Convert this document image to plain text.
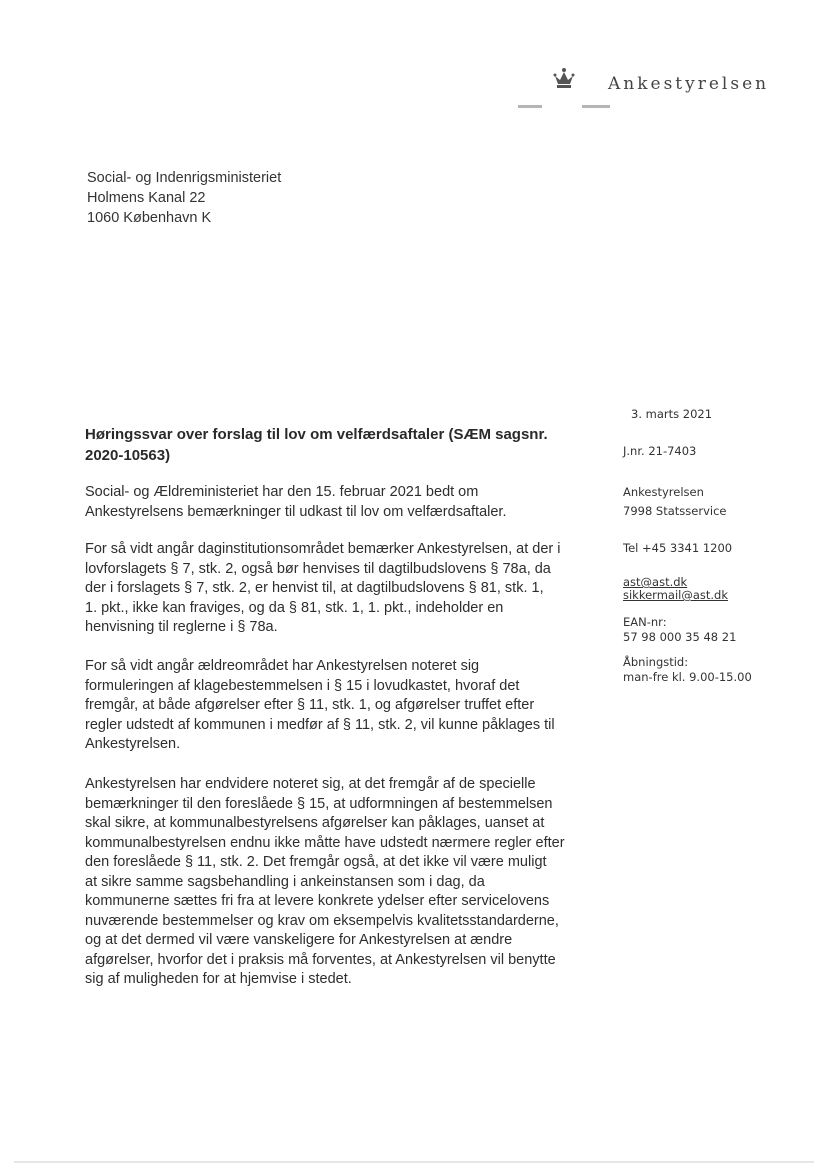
Ankestyrelsen
Social- og Indenrigsministeriet
Holmens Kanal 22
1060 København K
3. marts 2021
J.nr. 21-7403
Ankestyrelsen
7998 Statsservice
Tel +45 3341 1200
ast@ast.dk
sikkermail@ast.dk
EAN-nr:
57 98 000 35 48 21
Åbningstid:
man-fre kl. 9.00-15.00
Høringssvar over forslag til lov om velfærdsaftaler (SÆM sagsnr.
2020-10563)
Social- og Ældreministeriet har den 15. februar 2021 bedt om
Ankestyrelsens bemærkninger til udkast til lov om velfærdsaftaler.
For så vidt angår daginstitutionsområdet bemærker Ankestyrelsen, at der i
lovforslagets § 7, stk. 2, også bør henvises til dagtilbudslovens § 78a, da
der i forslagets § 7, stk. 2, er henvist til, at dagtilbudslovens § 81, stk. 1,
1. pkt., ikke kan fraviges, og da § 81, stk. 1, 1. pkt., indeholder en
henvisning til reglerne i § 78a.
For så vidt angår ældreområdet har Ankestyrelsen noteret sig
formuleringen af klagebestemmelsen i § 15 i lovudkastet, hvoraf det
fremgår, at både afgørelser efter § 11, stk. 1, og afgørelser truffet efter
regler udstedt af kommunen i medfør af § 11, stk. 2, vil kunne påklages til
Ankestyrelsen.
Ankestyrelsen har endvidere noteret sig, at det fremgår af de specielle
bemærkninger til den foreslåede § 15, at udformningen af bestemmelsen
skal sikre, at kommunalbestyrelsens afgørelser kan påklages, uanset at
kommunalbestyrelsen endnu ikke måtte have udstedt nærmere regler efter
den foreslåede § 11, stk. 2. Det fremgår også, at det ikke vil være muligt
at sikre samme sagsbehandling i ankeinstansen som i dag, da
kommunerne sættes fri fra at levere konkrete ydelser efter servicelovens
nuværende bestemmelser og krav om eksempelvis kvalitetsstandarderne,
og at det dermed vil være vanskeligere for Ankestyrelsen at ændre
afgørelser, hvorfor det i praksis må forventes, at Ankestyrelsen vil benytte
sig af muligheden for at hjemvise i stedet.
